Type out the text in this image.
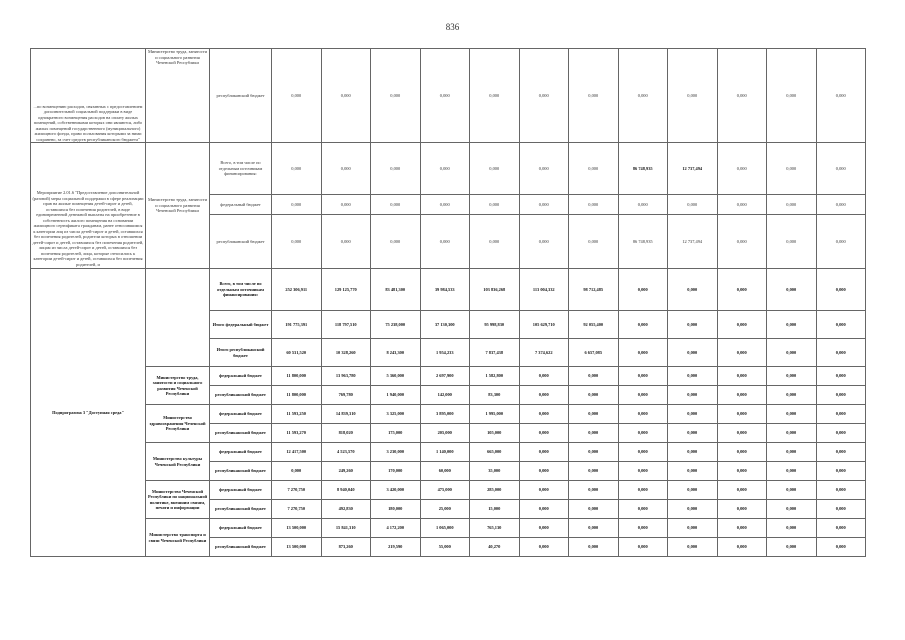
836
...по возмещению расходов, связанных с предоставлением дополнительной социальной поддержки в виде однократного возмещения расходов на оплату жилых помещений, собственниками которых они являются, либо жилых помещений государственного (муниципального) жилищного фонда, право пользования которыми за ними сохранено, за счет средств республиканского бюджета"	Министерство труда, занятости и социального развития Чеченской Республики	республиканский бюджет	0,000	0,000	0,000	0,000	0,000	0,000	0,000	0,000	0,000	0,000	0,000	0,000

Мероприятие 2.01.6 "Предоставление дополнительной (разовой) меры социальной поддержки в сфере реализации прав на жилые помещения детей-сирот и детей, оставшихся без попечения родителей, в виде единовременной денежной выплаты на приобретение в собственность жилого помещения на основании жилищного сертификата гражданам, ранее относившимся к категории лиц из числа детей-сирот и детей, оставшихся без попечения родителей, родители которых в отношении детей-сирот и детей, оставшихся без попечения родителей, лицам из числа детей-сирот и детей, оставшихся без попечения родителей, лица, которые относились к категории детей-сирот и детей, оставшихся без попечения родителей, и	Министерство труда, занятости и социального развития Чеченской Республики	Всего, в том числе по отдельным источникам финансирования:	0,000	0,000	0,000	0,000	0,000	0,000	0,000	86 748,935	12 737,494	0,000	0,000	0,000
		федеральный бюджет	0,000	0,000	0,000	0,000	0,000	0,000	0,000	0,000	0,000	0,000	0,000	0,000
		республиканский бюджет	0,000	0,000	0,000	0,000	0,000	0,000	0,000	86 748,935	12 737,494	0,000	0,000	0,000
Подпрограмма 3 "Доступная среда"		Всего, в том числе по отдельным источникам финансирования:	252 306,911	129 125,770	83 481,300	39 984,533	103 836,268	113 004,332	98 712,485	0,000	0,000	0,000	0,000	0,000
		Итого федеральный бюджет	191 775,391	118 797,510	75 238,000	37 130,300	95 998,830	105 629,710	92 055,400	0,000	0,000	0,000	0,000	0,000
		Итого республиканский бюджет	60 531,520	10 328,260	8 243,300	1 954,233	7 837,438	7 374,622	6 657,085	0,000	0,000	0,000	0,000	0,000
	Министерство труда, занятости и социального развития Чеченской Республики	федеральный бюджет	11 800,000	13 963,780	5 360,000	2 697,900	1 582,800	0,000	0,000	0,000	0,000	0,000	0,000	0,000
		республиканский бюджет	11 800,000	769,780	1 940,000	142,000	83,300	0,000	0,000	0,000	0,000	0,000	0,000	0,000
	Министерство здравоохранения Чеченской Республики	федеральный бюджет	11 593,250	14 839,310	3 325,000	3 895,000	1 995,000	0,000	0,000	0,000	0,000	0,000	0,000	0,000
		республиканский бюджет	11 593,270	818,020	175,000	205,000	105,000	0,000	0,000	0,000	0,000	0,000	0,000	0,000
	Министерство культуры Чеченской Республики	федеральный бюджет	12 417,500	4 523,570	3 230,000	1 140,000	665,000	0,000	0,000	0,000	0,000	0,000	0,000	0,000
		республиканский бюджет	0,000	249,260	170,000	60,000	35,000	0,000	0,000	0,000	0,000	0,000	0,000	0,000
	Министерство Чеченской Республики по национальной политике, внешним связям, печати и информации	федеральный бюджет	7 270,750	8 940,040	3 420,000	475,000	285,000	0,000	0,000	0,000	0,000	0,000	0,000	0,000
		республиканский бюджет	7 270,750	492,830	180,000	25,000	15,000	0,000	0,000	0,000	0,000	0,000	0,000	0,000
	Министерство транспорта и связи Чеченской Республики	федеральный бюджет	13 500,000	15 841,310	4 172,200	1 065,000	765,130	0,000	0,000	0,000	0,000	0,000	0,000	0,000
		республиканский бюджет	13 500,000	873,260	219,590	55,000	40,270	0,000	0,000	0,000	0,000	0,000	0,000	0,000
